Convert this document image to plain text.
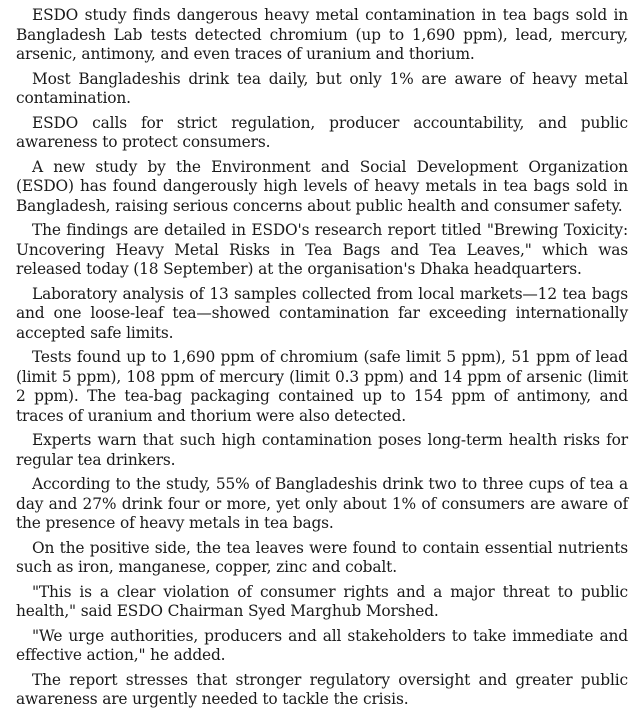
ESDO study finds dangerous heavy metal contamination in tea bags sold in Bangladesh Lab tests detected chromium (up to 1,690 ppm), lead, mercury, arsenic, antimony, and even traces of uranium and thorium.

Most Bangladeshis drink tea daily, but only 1% are aware of heavy metal contamination.

ESDO calls for strict regulation, producer accountability, and public awareness to protect consumers.

A new study by the Environment and Social Development Organization (ESDO) has found dangerously high levels of heavy metals in tea bags sold in Bangladesh, raising serious concerns about public health and consumer safety.

The findings are detailed in ESDO's research report titled "Brewing Toxicity: Uncovering Heavy Metal Risks in Tea Bags and Tea Leaves," which was released today (18 September) at the organisation's Dhaka headquarters.

Laboratory analysis of 13 samples collected from local markets—12 tea bags and one loose-leaf tea—showed contamination far exceeding internationally accepted safe limits.

Tests found up to 1,690 ppm of chromium (safe limit 5 ppm), 51 ppm of lead (limit 5 ppm), 108 ppm of mercury (limit 0.3 ppm) and 14 ppm of arsenic (limit 2 ppm). The tea-bag packaging contained up to 154 ppm of antimony, and traces of uranium and thorium were also detected.

Experts warn that such high contamination poses long-term health risks for regular tea drinkers.

According to the study, 55% of Bangladeshis drink two to three cups of tea a day and 27% drink four or more, yet only about 1% of consumers are aware of the presence of heavy metals in tea bags.

On the positive side, the tea leaves were found to contain essential nutrients such as iron, manganese, copper, zinc and cobalt.

"This is a clear violation of consumer rights and a major threat to public health," said ESDO Chairman Syed Marghub Morshed.

"We urge authorities, producers and all stakeholders to take immediate and effective action," he added.

The report stresses that stronger regulatory oversight and greater public awareness are urgently needed to tackle the crisis.
